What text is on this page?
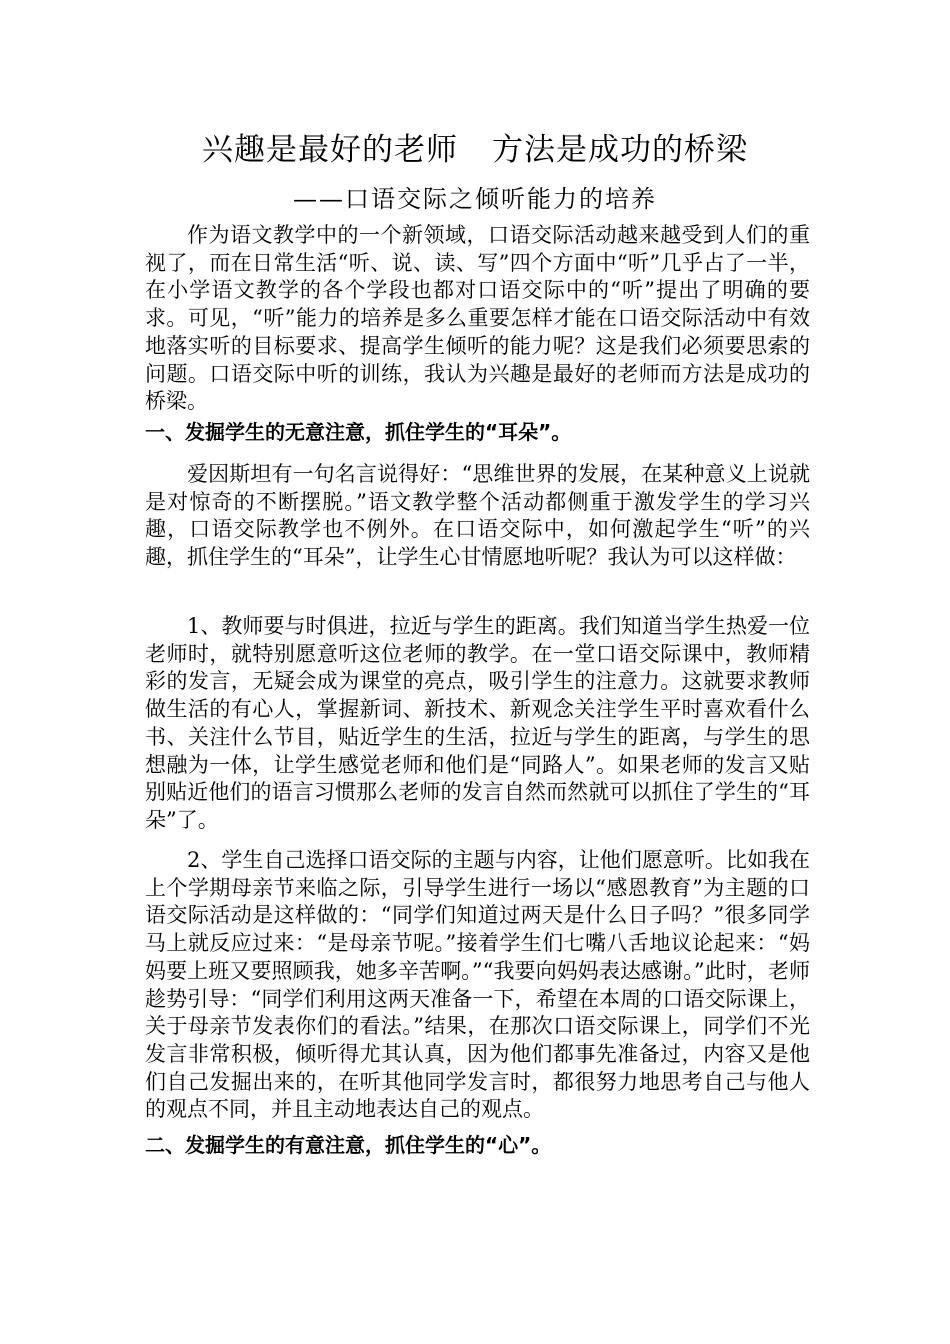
兴趣是最好的老师 方法是成功的桥梁
——口语交际之倾听能力的培养

作为语文教学中的一个新领域，口语交际活动越来越受到人们的重视了，而在日常生活“听、说、读、写”四个方面中“听”几乎占了一半，在小学语文教学的各个学段也都对口语交际中的“听”提出了明确的要求。可见，“听”能力的培养是多么重要怎样才能在口语交际活动中有效地落实听的目标要求、提高学生倾听的能力呢？这是我们必须要思索的问题。口语交际中听的训练，我认为兴趣是最好的老师而方法是成功的桥梁。

一、发掘学生的无意注意，抓住学生的“耳朵”。

爱因斯坦有一句名言说得好：“思维世界的发展，在某种意义上说就是对惊奇的不断摆脱。”语文教学整个活动都侧重于激发学生的学习兴趣，口语交际教学也不例外。在口语交际中，如何激起学生“听”的兴趣，抓住学生的“耳朵”，让学生心甘情愿地听呢？我认为可以这样做：

1、教师要与时俱进，拉近与学生的距离。我们知道当学生热爱一位老师时，就特别愿意听这位老师的教学。在一堂口语交际课中，教师精彩的发言，无疑会成为课堂的亮点，吸引学生的注意力。这就要求教师做生活的有心人，掌握新词、新技术、新观念关注学生平时喜欢看什么书、关注什么节目，贴近学生的生活，拉近与学生的距离，与学生的思想融为一体，让学生感觉老师和他们是“同路人”。如果老师的发言又贴别贴近他们的语言习惯那么老师的发言自然而然就可以抓住了学生的“耳朵”了。

2、学生自己选择口语交际的主题与内容，让他们愿意听。比如我在上个学期母亲节来临之际，引导学生进行一场以“感恩教育”为主题的口语交际活动是这样做的：“同学们知道过两天是什么日子吗？”很多同学马上就反应过来：“是母亲节呢。”接着学生们七嘴八舌地议论起来：“妈妈要上班又要照顾我，她多辛苦啊。”“我要向妈妈表达感谢。”此时，老师趁势引导：“同学们利用这两天准备一下，希望在本周的口语交际课上，关于母亲节发表你们的看法。”结果，在那次口语交际课上，同学们不光发言非常积极，倾听得尤其认真，因为他们都事先准备过，内容又是他们自己发掘出来的，在听其他同学发言时，都很努力地思考自己与他人的观点不同，并且主动地表达自己的观点。

二、发掘学生的有意注意，抓住学生的“心”。
